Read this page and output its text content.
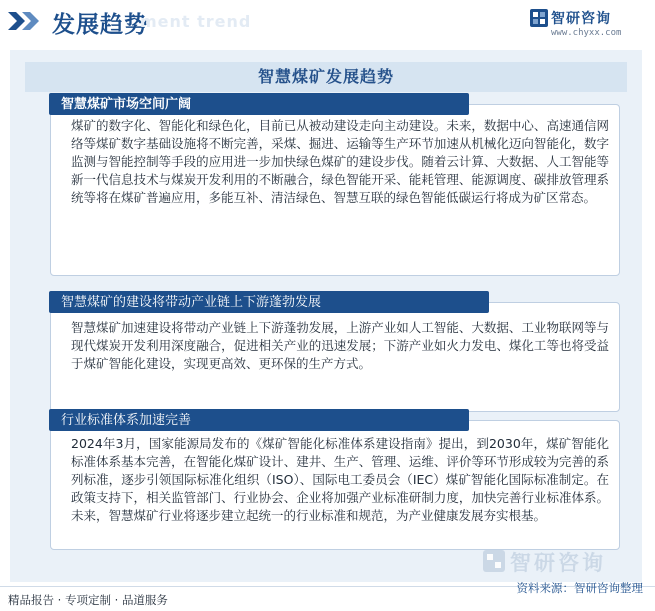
发展趋势
ment trend	智研咨询
www.chyxx.com
智慧煤矿发展趋势
智慧煤矿市场空间广阔
煤矿的数字化、智能化和绿色化，目前已从被动建设走向主动建设。未来，数据中心、高速通信网络等煤矿数字基础设施将不断完善，采煤、掘进、运输等生产环节加速从机械化迈向智能化，数字监测与智能控制等手段的应用进一步加快绿色煤矿的建设步伐。随着云计算、大数据、人工智能等新一代信息技术与煤炭开发利用的不断融合，绿色智能开采、能耗管理、能源调度、碳排放管理系统等将在煤矿普遍应用，多能互补、清洁绿色、智慧互联的绿色智能低碳运行将成为矿区常态。
智慧煤矿的建设将带动产业链上下游蓬勃发展
智慧煤矿加速建设将带动产业链上下游蓬勃发展，上游产业如人工智能、大数据、工业物联网等与现代煤炭开发利用深度融合，促进相关产业的迅速发展；下游产业如火力发电、煤化工等也将受益于煤矿智能化建设，实现更高效、更环保的生产方式。
行业标准体系加速完善
2024年3月，国家能源局发布的《煤矿智能化标准体系建设指南》提出，到2030年，煤矿智能化标准体系基本完善，在智能化煤矿设计、建井、生产、管理、运维、评价等环节形成较为完善的系列标准，逐步引领国际标准化组织（ISO）、国际电工委员会（IEC）煤矿智能化国际标准制定。在政策支持下，相关监管部门、行业协会、企业将加强产业标准研制力度，加快完善行业标准体系。未来，智慧煤矿行业将逐步建立起统一的行业标准和规范，为产业健康发展夯实根基。
智研咨询
精品报告 · 专项定制 · 品道服务
资料来源：智研咨询整理
